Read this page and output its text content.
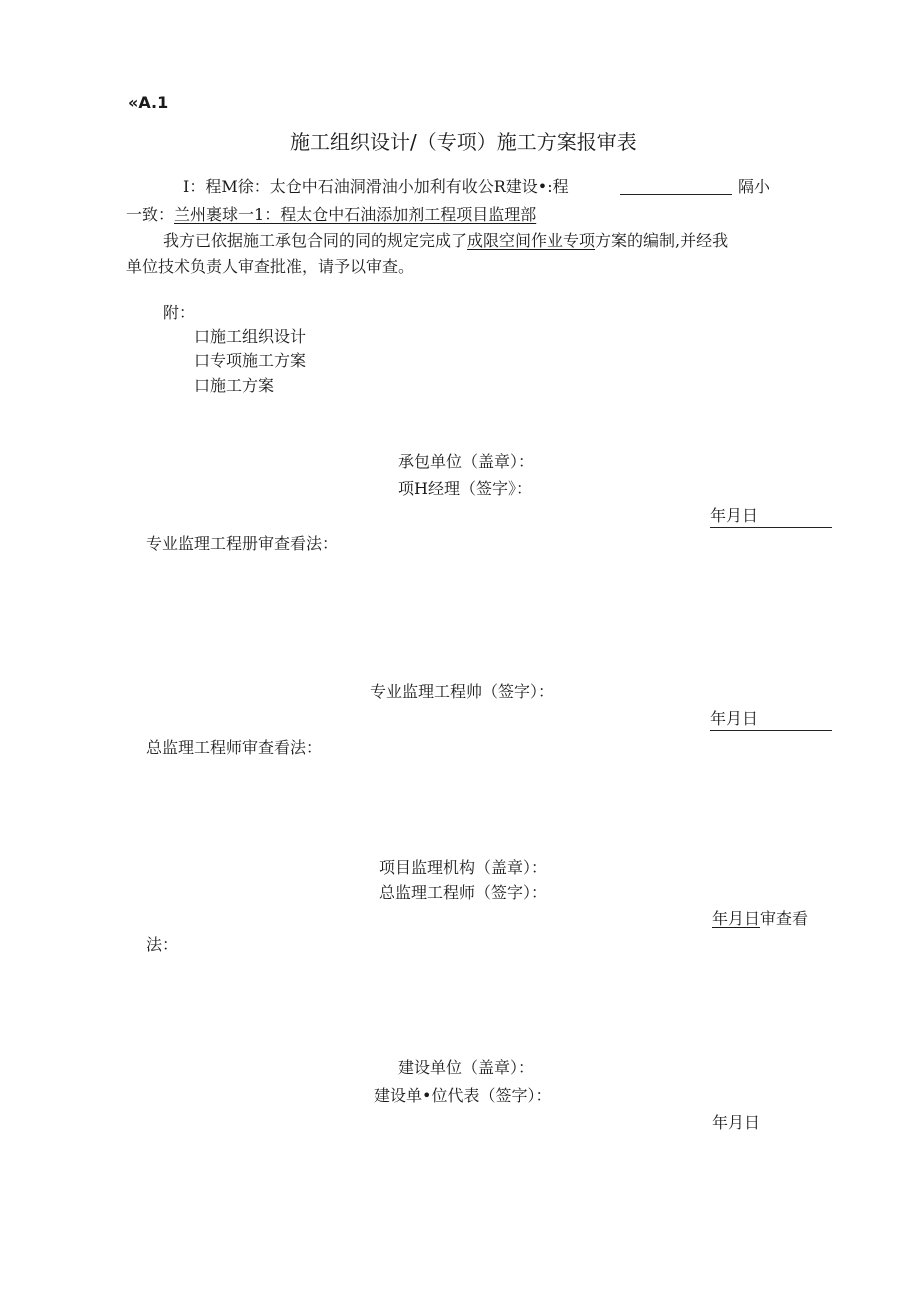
«A.1
施工组织设计/（专项）施工方案报审表
I：程M徐：太仓中石油洞滑油小加利有收公R建设•:程	隔小
一致：兰州裹球一1：程太仓中石油添加剂工程项目监理部
我方已依据施工承包合同的同的规定完成了成限空间作业专项方案的编制,并经我
单位技术负责人审查批准，请予以审查。
附：
口施工组织设计
口专项施工方案
口施工方案
承包单位（盖章）：
项H经理（签字》：
年月日
专业监理工程册审查看法：
专业监理工程帅（签字）：
年月日
总监理工程师审查看法：
项目监理机构（盖章）：
总监理工程师（签字）：
年月日审查看
法：
建设单位（盖章）：
建设单•位代表（签字）：
年月日
